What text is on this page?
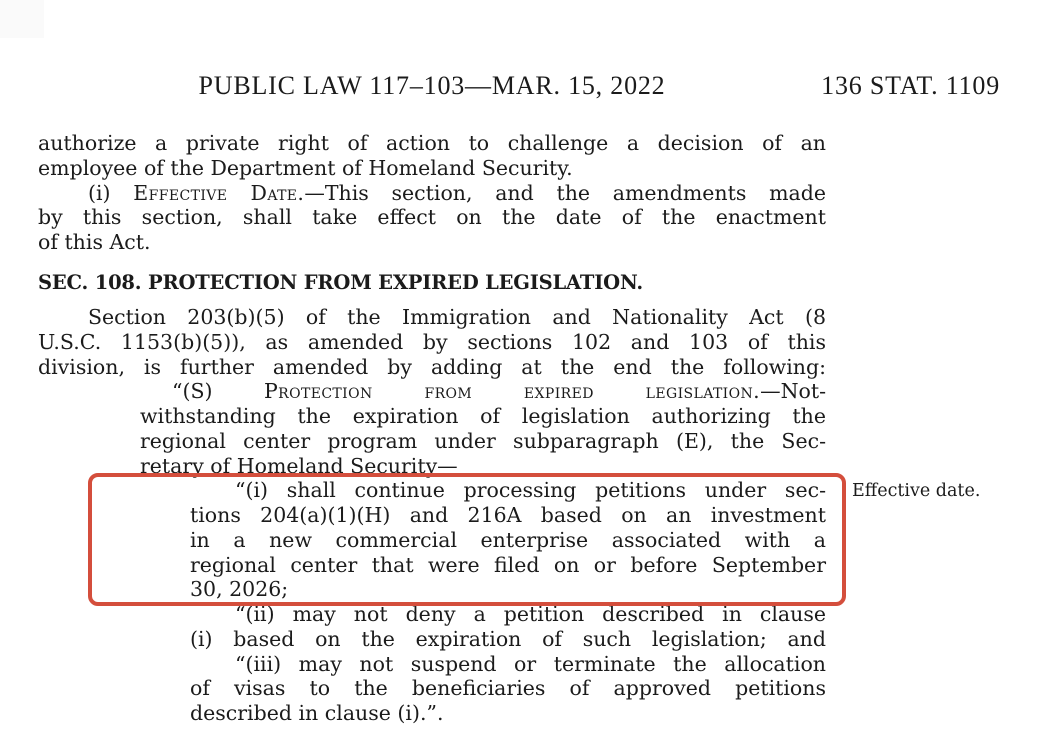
PUBLIC LAW 117–103—MAR. 15, 2022	136 STAT. 1109
authorize a private right of action to challenge a decision of an
employee of the Department of Homeland Security.
(i) Effective Date.—This section, and the amendments made
by this section, shall take effect on the date of the enactment
of this Act.
SEC. 108. PROTECTION FROM EXPIRED LEGISLATION.
Section 203(b)(5) of the Immigration and Nationality Act (8
U.S.C. 1153(b)(5)), as amended by sections 102 and 103 of this
division, is further amended by adding at the end the following:
“(S) Protection from expired legislation.—Not-
withstanding the expiration of legislation authorizing the
regional center program under subparagraph (E), the Sec-
retary of Homeland Security—
“(i) shall continue processing petitions under sec-
tions 204(a)(1)(H) and 216A based on an investment
in a new commercial enterprise associated with a
regional center that were filed on or before September
30, 2026;
“(ii) may not deny a petition described in clause
(i) based on the expiration of such legislation; and
“(iii) may not suspend or terminate the allocation
of visas to the beneficiaries of approved petitions
described in clause (i).”.
Effective date.
